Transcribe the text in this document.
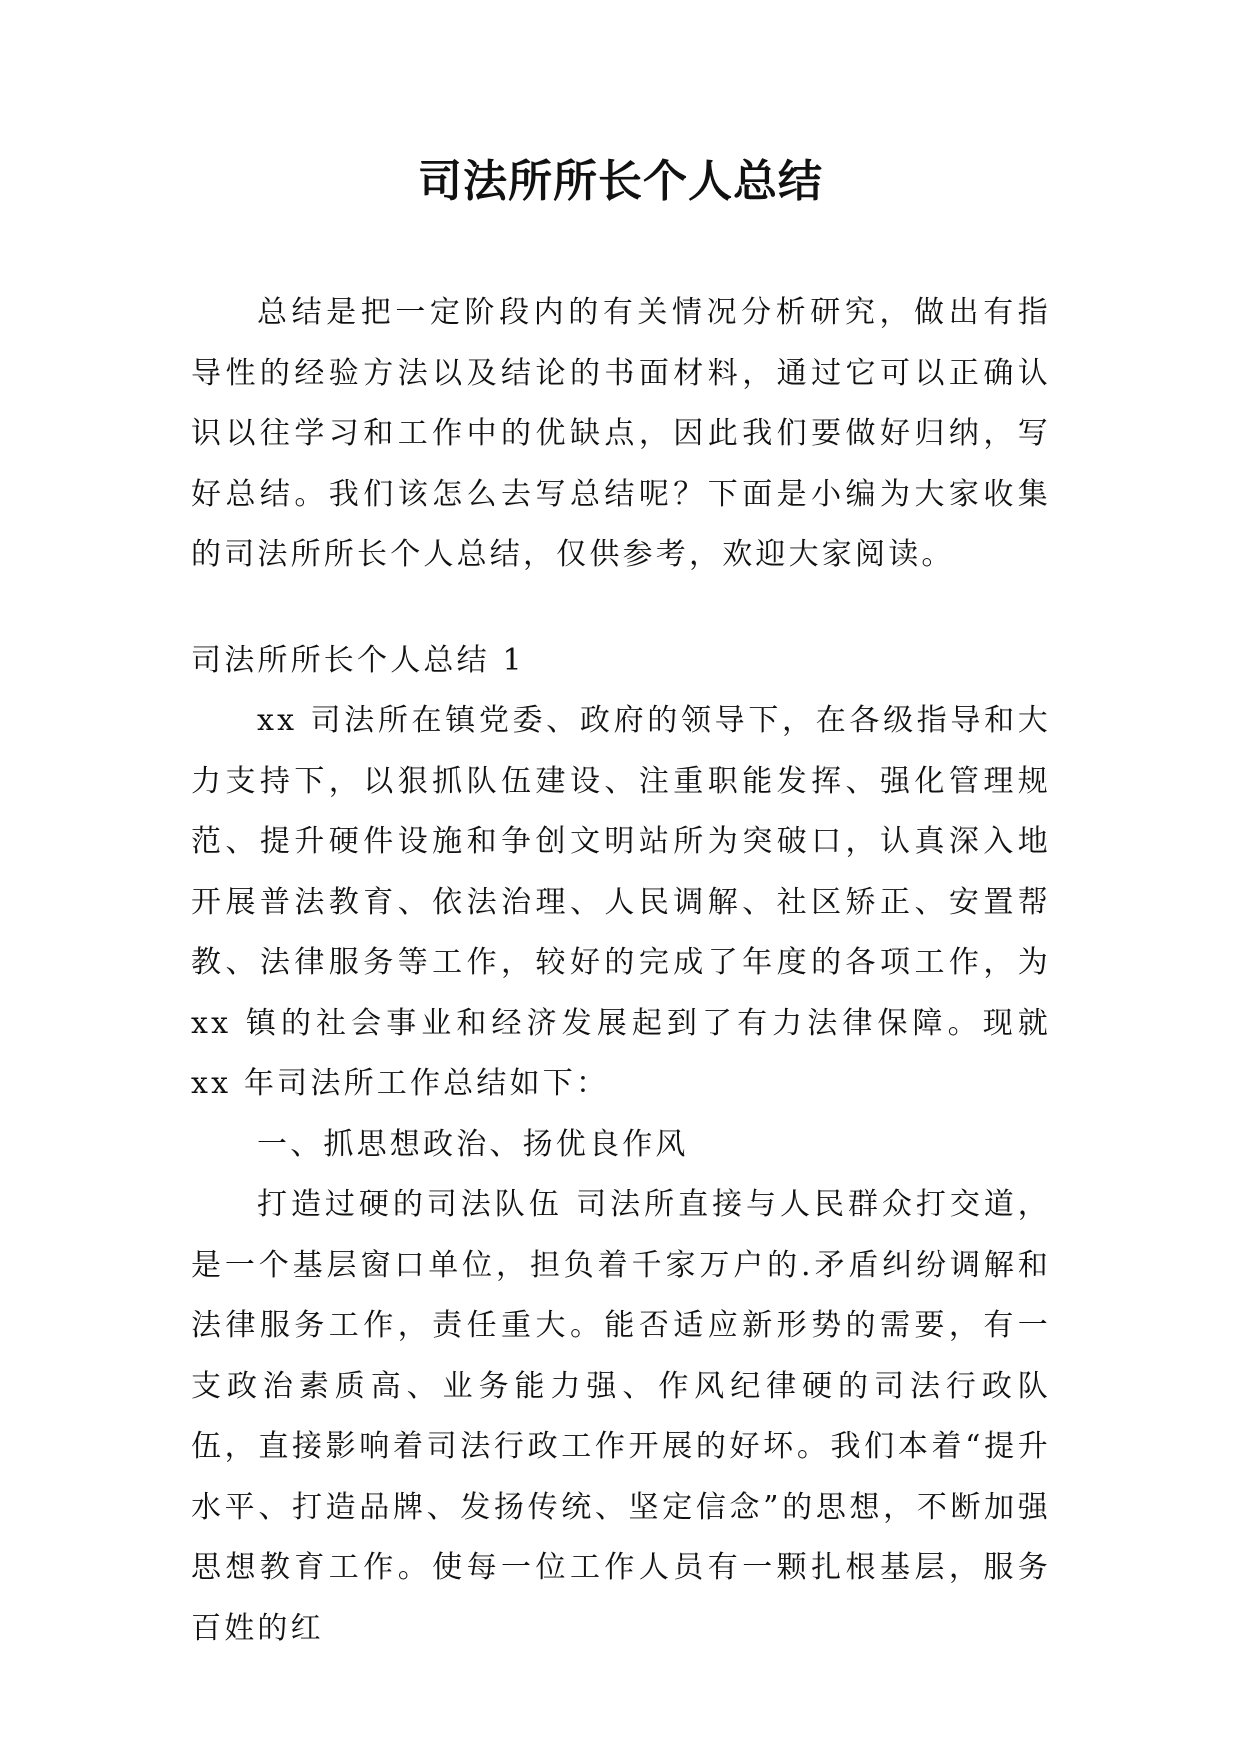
司法所所长个人总结

总结是把一定阶段内的有关情况分析研究，做出有指导性的经验方法以及结论的书面材料，通过它可以正确认识以往学习和工作中的优缺点，因此我们要做好归纳，写好总结。我们该怎么去写总结呢？下面是小编为大家收集的司法所所长个人总结，仅供参考，欢迎大家阅读。

司法所所长个人总结 1

xx 司法所在镇党委、政府的领导下，在各级指导和大力支持下，以狠抓队伍建设、注重职能发挥、强化管理规范、提升硬件设施和争创文明站所为突破口，认真深入地开展普法教育、依法治理、人民调解、社区矫正、安置帮教、法律服务等工作，较好的完成了年度的各项工作，为 xx 镇的社会事业和经济发展起到了有力法律保障。现就 xx 年司法所工作总结如下：

一、抓思想政治、扬优良作风

打造过硬的司法队伍 司法所直接与人民群众打交道，是一个基层窗口单位，担负着千家万户的.矛盾纠纷调解和法律服务工作，责任重大。能否适应新形势的需要，有一支政治素质高、业务能力强、作风纪律硬的司法行政队伍，直接影响着司法行政工作开展的好坏。我们本着“提升水平、打造品牌、发扬传统、坚定信念”的思想，不断加强思想教育工作。使每一位工作人员有一颗扎根基层，服务百姓的红
